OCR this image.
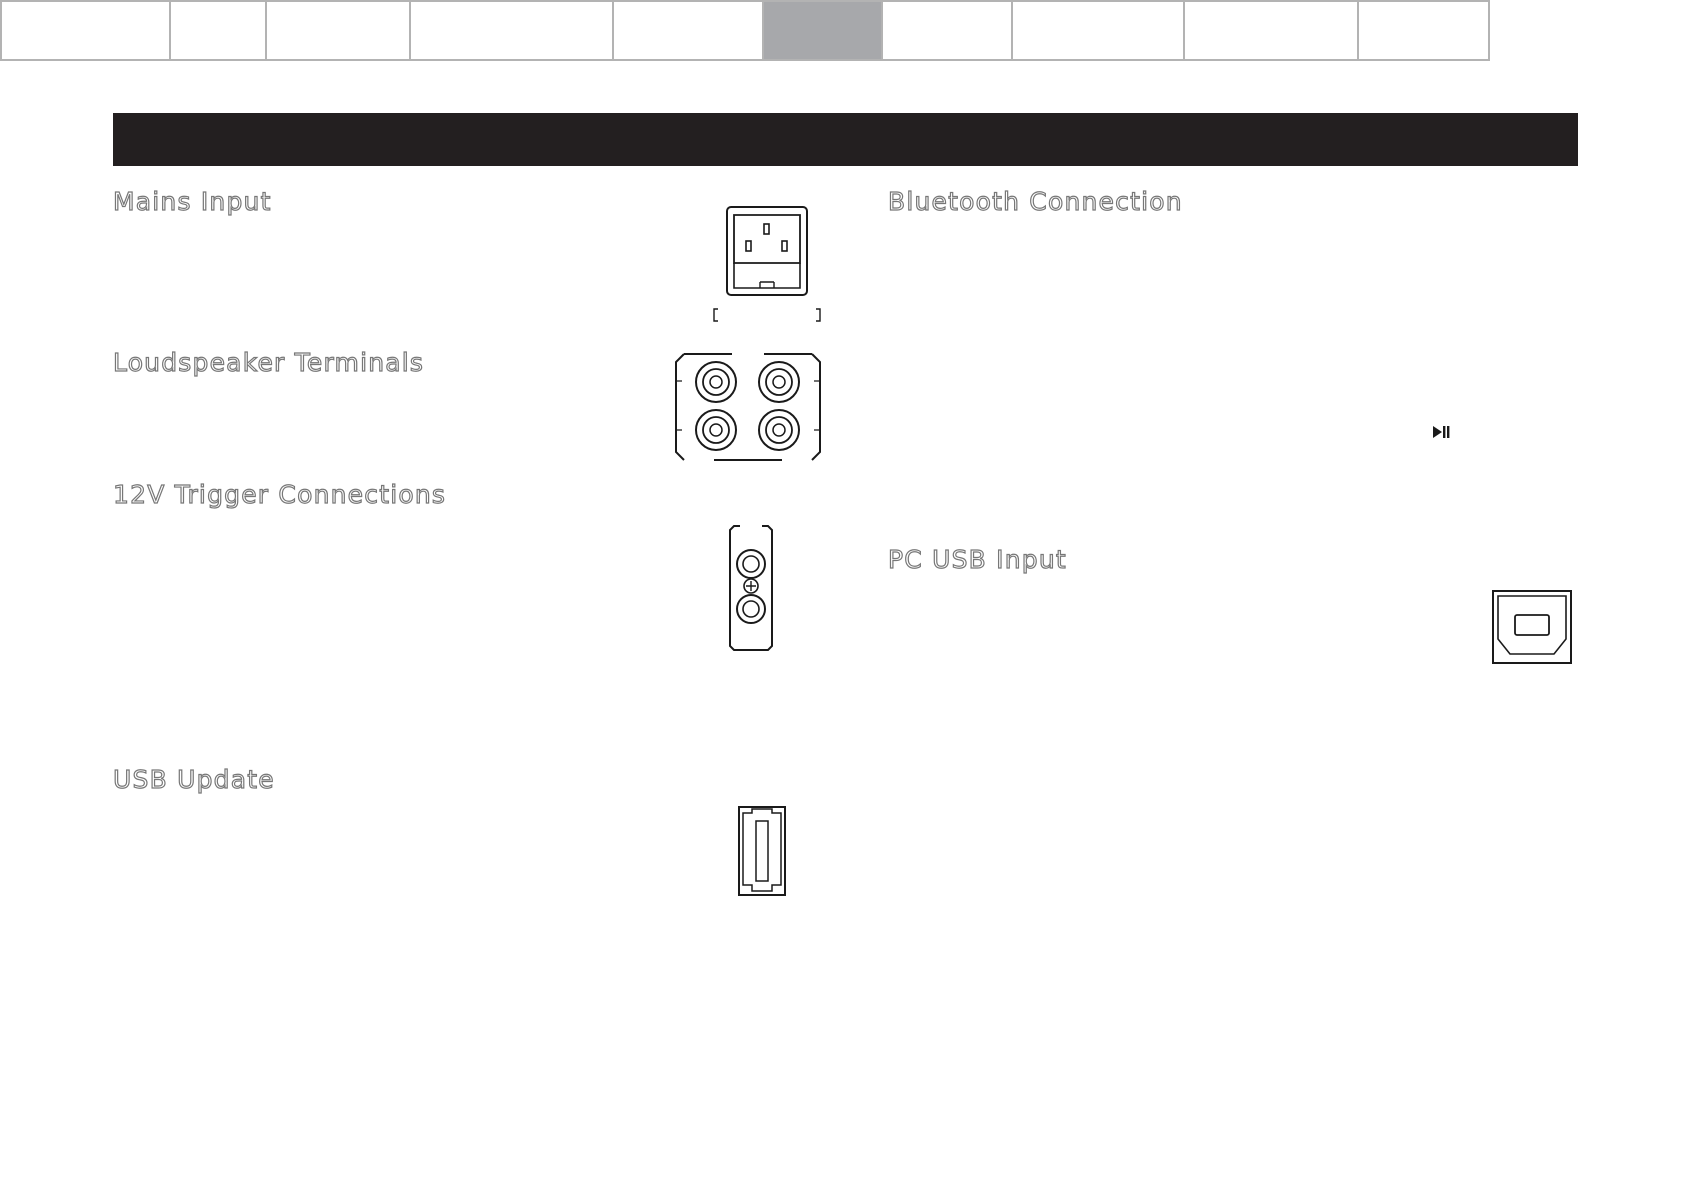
Mains Input
Loudspeaker Terminals
12V Trigger Connections
USB Update
Bluetooth Connection
PC USB Input
